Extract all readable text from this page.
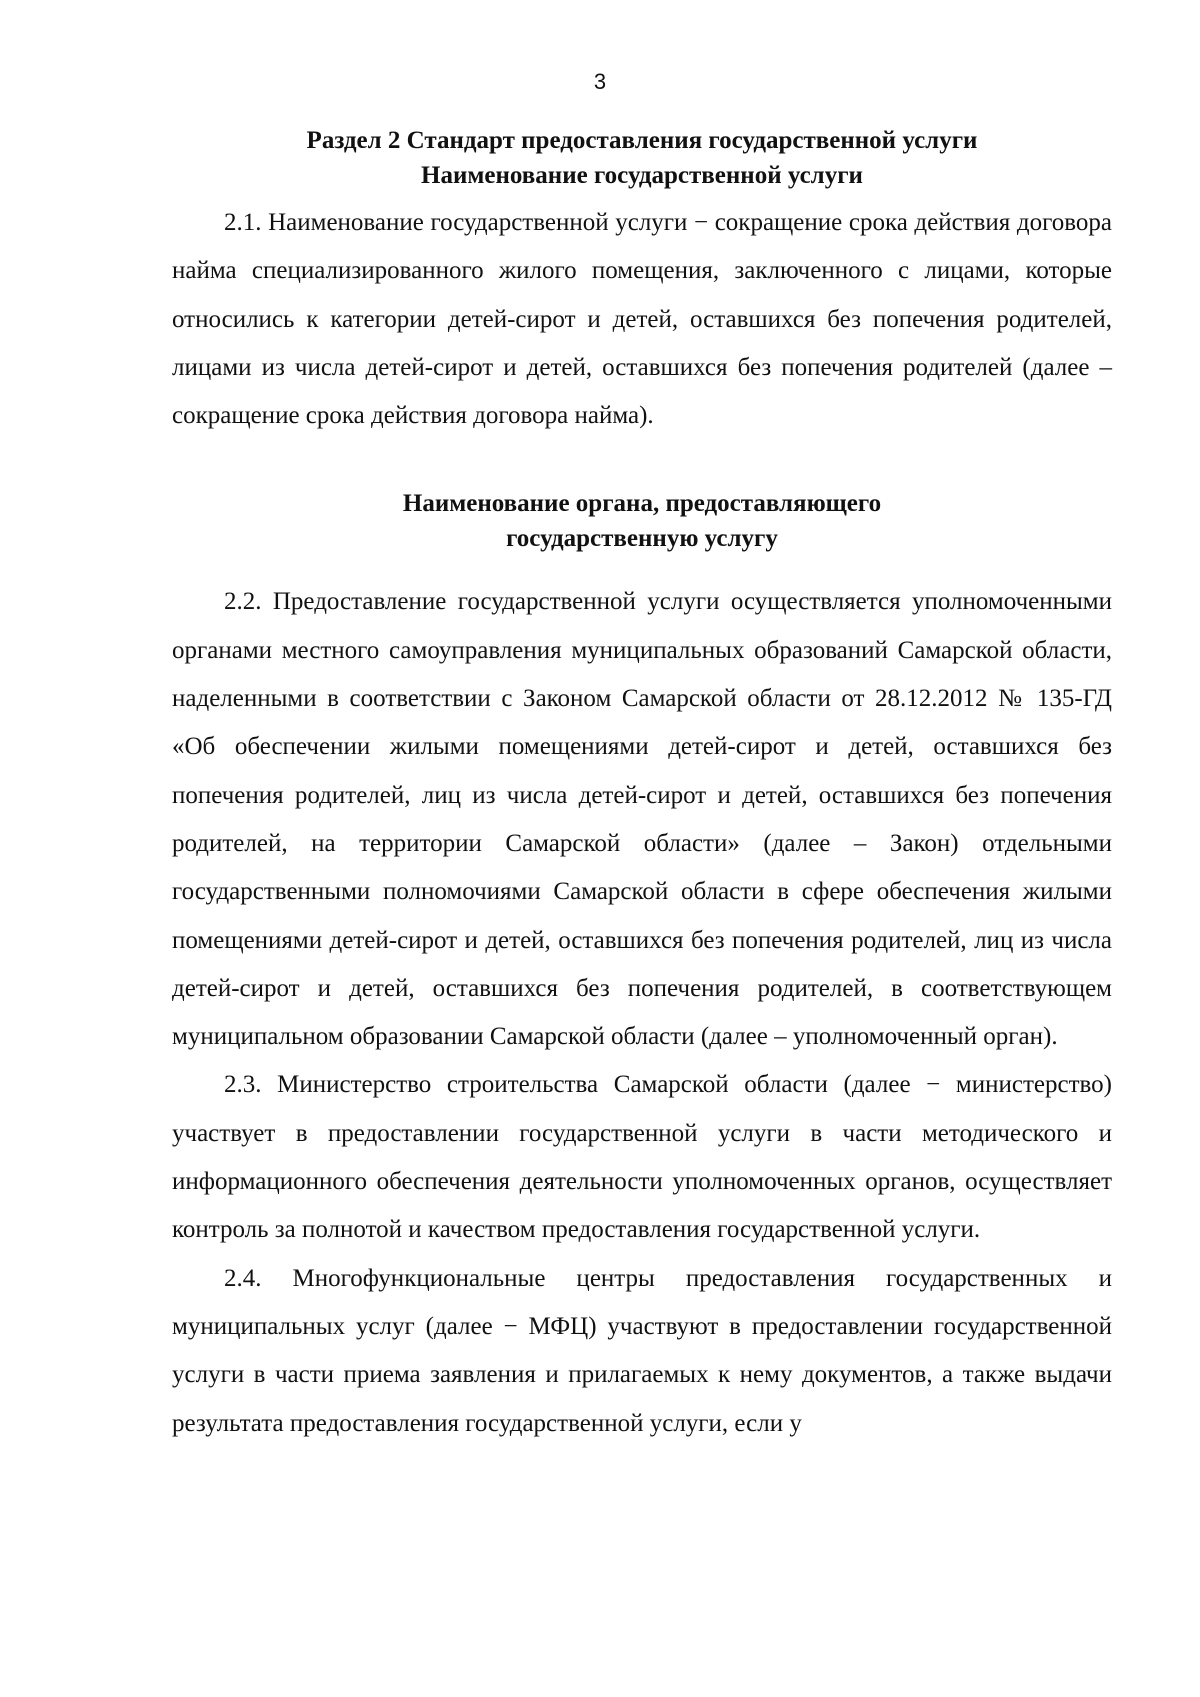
3
Раздел 2 Стандарт предоставления государственной услуги
Наименование государственной услуги

2.1. Наименование государственной услуги − сокращение срока действия договора найма специализированного жилого помещения, заключенного с лицами, которые относились к категории детей-сирот и детей, оставшихся без попечения родителей, лицами из числа детей-сирот и детей, оставшихся без попечения родителей (далее – сокращение срока действия договора найма).

Наименование органа, предоставляющего
государственную услугу

2.2. Предоставление государственной услуги осуществляется уполномоченными органами местного самоуправления муниципальных образований Самарской области, наделенными в соответствии с Законом Самарской области от 28.12.2012 № 135-ГД «Об обеспечении жилыми помещениями детей-сирот и детей, оставшихся без попечения родителей, лиц из числа детей-сирот и детей, оставшихся без попечения родителей, на территории Самарской области» (далее – Закон) отдельными государственными полномочиями Самарской области в сфере обеспечения жилыми помещениями детей-сирот и детей, оставшихся без попечения родителей, лиц из числа детей-сирот и детей, оставшихся без попечения родителей, в соответствующем муниципальном образовании Самарской области (далее – уполномоченный орган).

2.3. Министерство строительства Самарской области (далее − министерство) участвует в предоставлении государственной услуги в части методического и информационного обеспечения деятельности уполномоченных органов, осуществляет контроль за полнотой и качеством предоставления государственной услуги.

2.4. Многофункциональные центры предоставления государственных и муниципальных услуг (далее − МФЦ) участвуют в предоставлении государственной услуги в части приема заявления и прилагаемых к нему документов, а также выдачи результата предоставления государственной услуги, если у
